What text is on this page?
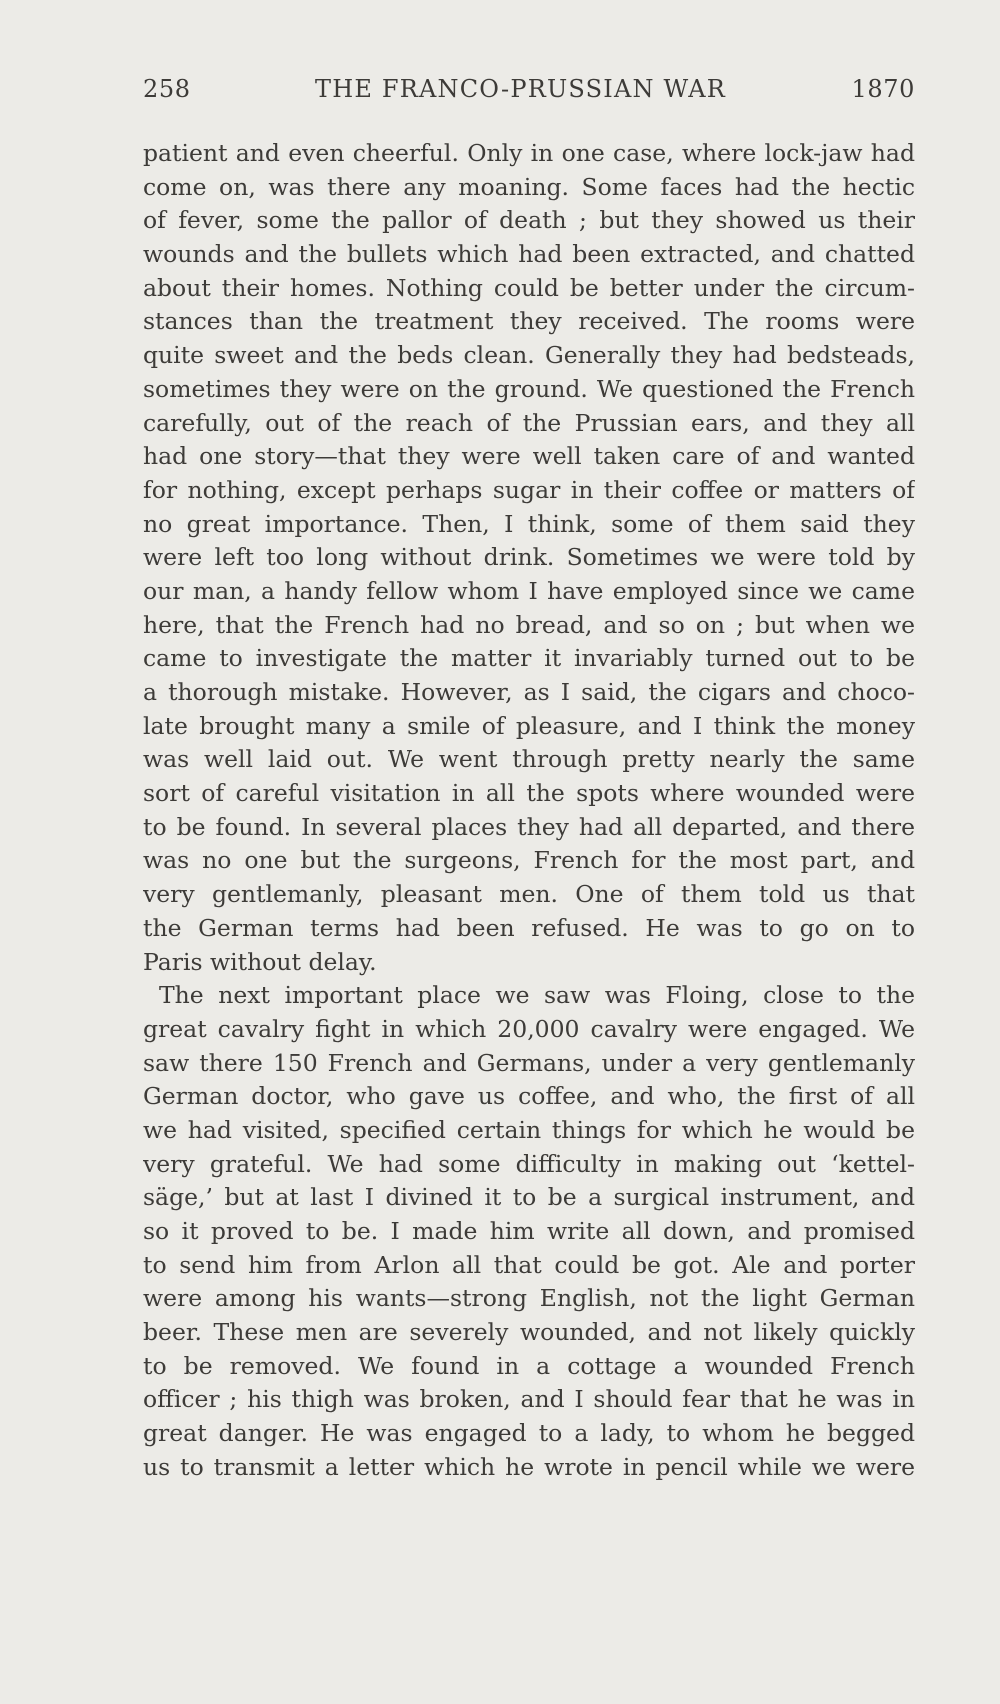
258	THE FRANCO-PRUSSIAN WAR	1870
patient and even cheerful. Only in one case, where lock-jaw had
come on, was there any moaning. Some faces had the hectic
of fever, some the pallor of death ; but they showed us their
wounds and the bullets which had been extracted, and chatted
about their homes. Nothing could be better under the circum-
stances than the treatment they received. The rooms were
quite sweet and the beds clean. Generally they had bedsteads,
sometimes they were on the ground. We questioned the French
carefully, out of the reach of the Prussian ears, and they all
had one story—that they were well taken care of and wanted
for nothing, except perhaps sugar in their coffee or matters of
no great importance. Then, I think, some of them said they
were left too long without drink. Sometimes we were told by
our man, a handy fellow whom I have employed since we came
here, that the French had no bread, and so on ; but when we
came to investigate the matter it invariably turned out to be
a thorough mistake. However, as I said, the cigars and choco-
late brought many a smile of pleasure, and I think the money
was well laid out. We went through pretty nearly the same
sort of careful visitation in all the spots where wounded were
to be found. In several places they had all departed, and there
was no one but the surgeons, French for the most part, and
very gentlemanly, pleasant men. One of them told us that
the German terms had been refused. He was to go on to
Paris without delay.
The next important place we saw was Floing, close to the
great cavalry fight in which 20,000 cavalry were engaged. We
saw there 150 French and Germans, under a very gentlemanly
German doctor, who gave us coffee, and who, the first of all
we had visited, specified certain things for which he would be
very grateful. We had some difficulty in making out ‘kettel-
säge,’ but at last I divined it to be a surgical instrument, and
so it proved to be. I made him write all down, and promised
to send him from Arlon all that could be got. Ale and porter
were among his wants—strong English, not the light German
beer. These men are severely wounded, and not likely quickly
to be removed. We found in a cottage a wounded French
officer ; his thigh was broken, and I should fear that he was in
great danger. He was engaged to a lady, to whom he begged
us to transmit a letter which he wrote in pencil while we were
